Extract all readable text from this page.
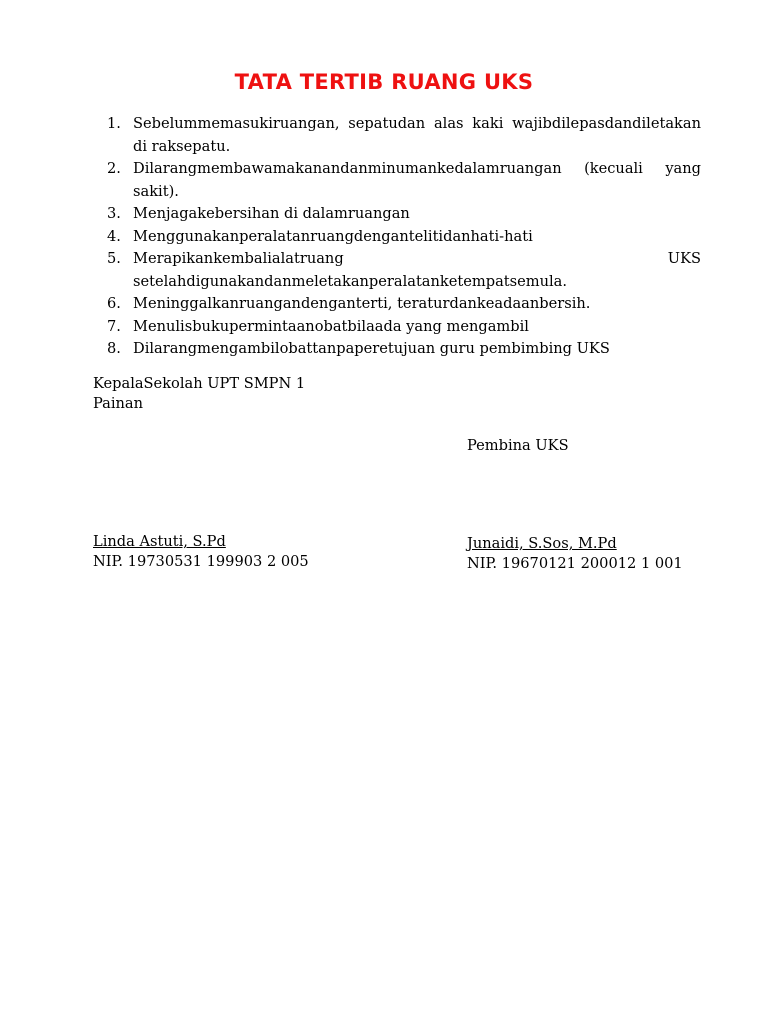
TATA TERTIB RUANG UKS
1. Sebelummemasukiruangan, sepatudan alas kaki wajibdilepasdandiletakan di raksepatu.
2. Dilarangmembawamakanandanminumankedalamruangan (kecuali yang sakit).
3. Menjagakebersihan di dalamruangan
4. Menggunakanperalatanruangdengantelitidanhati-hati
5. Merapikankembalialatruang	UKS
setelahdigunakandanmeletakanperalatanketempatsemula.
6. Meninggalkanruangandenganterti, teraturdankeadaanbersih.
7. Menulisbukupermintaanobatbilaada yang mengambil
8. Dilarangmengambilobattanpaperetujuan guru pembimbing UKS
KepalaSekolah UPT SMPN 1
Painan
Pembina UKS
Linda Astuti, S.Pd
NIP. 19730531 199903 2 005
Junaidi, S.Sos, M.Pd
NIP. 19670121 200012 1 001
